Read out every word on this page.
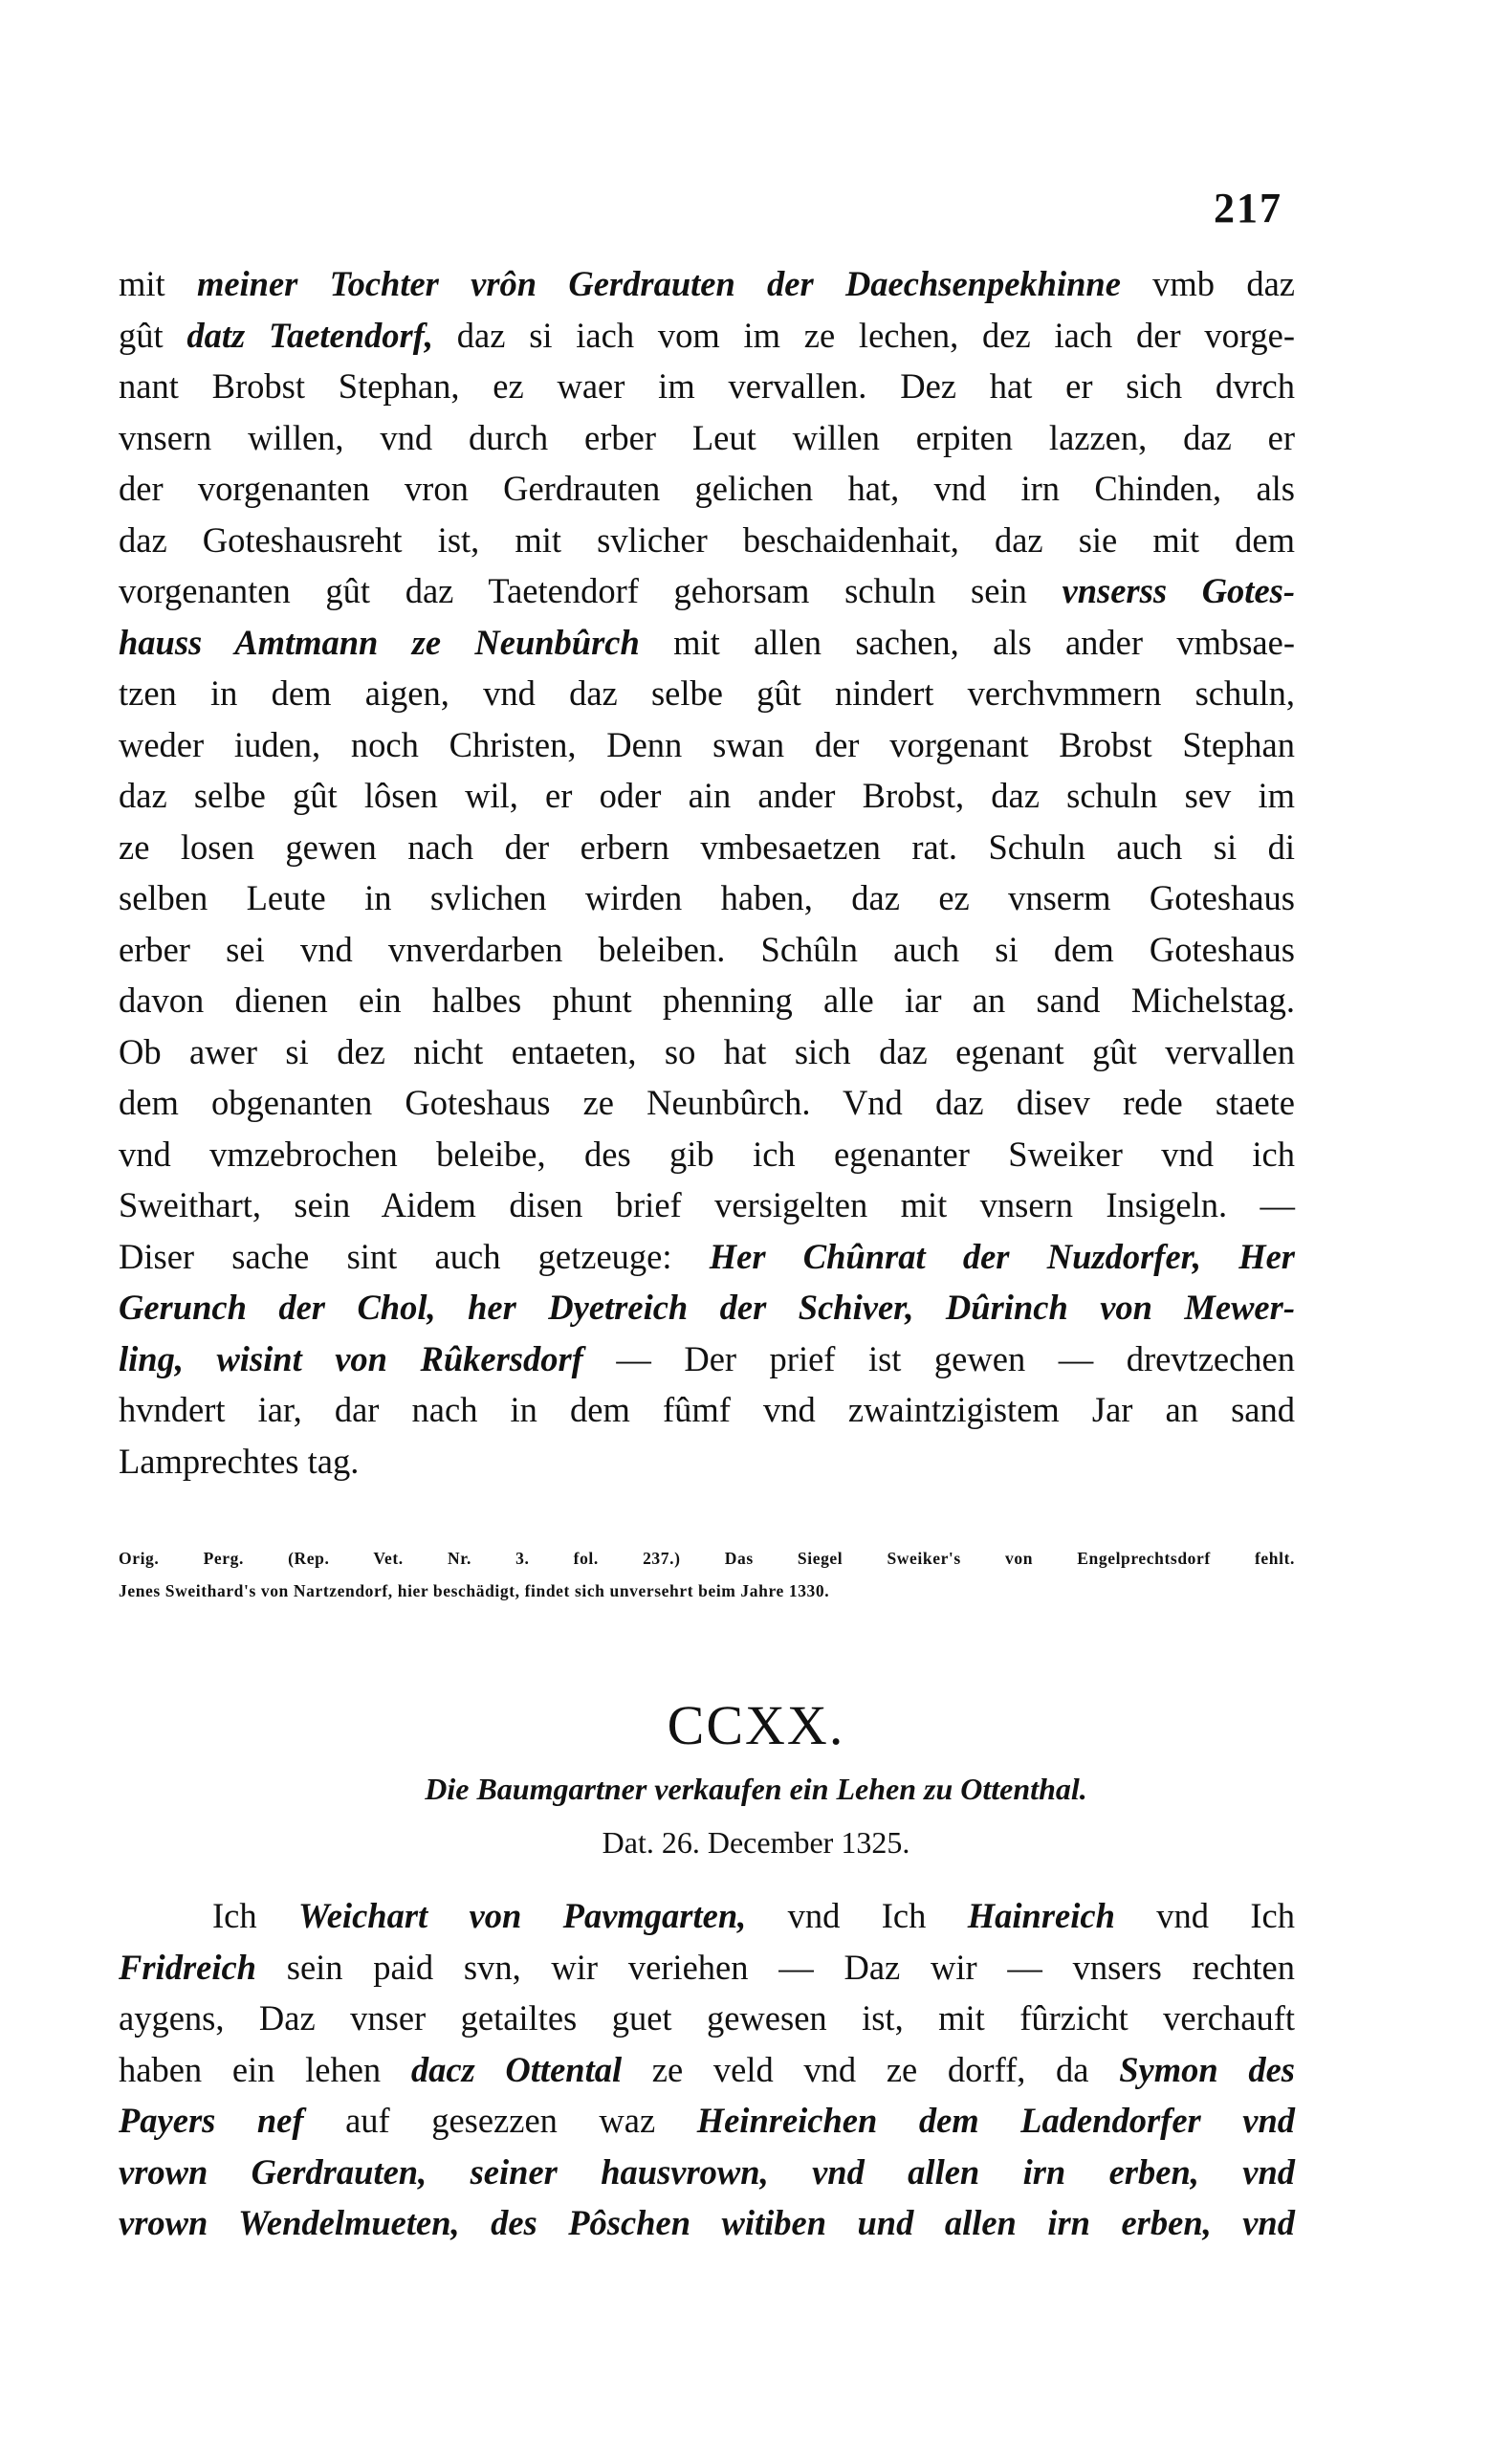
217
mit meiner Tochter vrôn Gerdrauten der Daechsenpekhinne vmb daz
gût datz Taetendorf, daz si iach vom im ze lechen, dez iach der vorge-
nant Brobst Stephan, ez waer im vervallen. Dez hat er sich dvrch
vnsern willen, vnd durch erber Leut willen erpiten lazzen, daz er
der vorgenanten vron Gerdrauten gelichen hat, vnd irn Chinden, als
daz Goteshausreht ist, mit svlicher beschaidenhait, daz sie mit dem
vorgenanten gût daz Taetendorf gehorsam schuln sein vnserss Gotes-
hauss Amtmann ze Neunbûrch mit allen sachen, als ander vmbsae-
tzen in dem aigen, vnd daz selbe gût nindert verchvmmern schuln,
weder iuden, noch Christen, Denn swan der vorgenant Brobst Stephan
daz selbe gût lôsen wil, er oder ain ander Brobst, daz schuln sev im
ze losen gewen nach der erbern vmbesaetzen rat. Schuln auch si di
selben Leute in svlichen wirden haben, daz ez vnserm Goteshaus
erber sei vnd vnverdarben beleiben. Schûln auch si dem Goteshaus
davon dienen ein halbes phunt phenning alle iar an sand Michelstag.
Ob awer si dez nicht entaeten, so hat sich daz egenant gût vervallen
dem obgenanten Goteshaus ze Neunbûrch. Vnd daz disev rede staete
vnd vmzebrochen beleibe, des gib ich egenanter Sweiker vnd ich
Sweithart, sein Aidem disen brief versigelten mit vnsern Insigeln. —
Diser sache sint auch getzeuge: Her Chûnrat der Nuzdorfer, Her
Gerunch der Chol, her Dyetreich der Schiver, Dûrinch von Mewer-
ling, wisint von Rûkersdorf — Der prief ist gewen — drevtzechen
hvndert iar, dar nach in dem fûmf vnd zwaintzigistem Jar an sand
Lamprechtes tag.
Orig. Perg. (Rep. Vet. Nr. 3. fol. 237.) Das Siegel Sweiker's von Engelprechtsdorf fehlt.
Jenes Sweithard's von Nartzendorf, hier beschädigt, findet sich unversehrt beim Jahre 1330.
CCXX.
Die Baumgartner verkaufen ein Lehen zu Ottenthal.
Dat. 26. December 1325.
Ich Weichart von Pavmgarten, vnd Ich Hainreich vnd Ich
Fridreich sein paid svn, wir veriehen — Daz wir — vnsers rechten
aygens, Daz vnser getailtes guet gewesen ist, mit fûrzicht verchauft
haben ein lehen dacz Ottental ze veld vnd ze dorff, da Symon des
Payers nef auf gesezzen waz Heinreichen dem Ladendorfer vnd
vrown Gerdrauten, seiner hausvrown, vnd allen irn erben, vnd
vrown Wendelmueten, des Pôschen witiben und allen irn erben, vnd
